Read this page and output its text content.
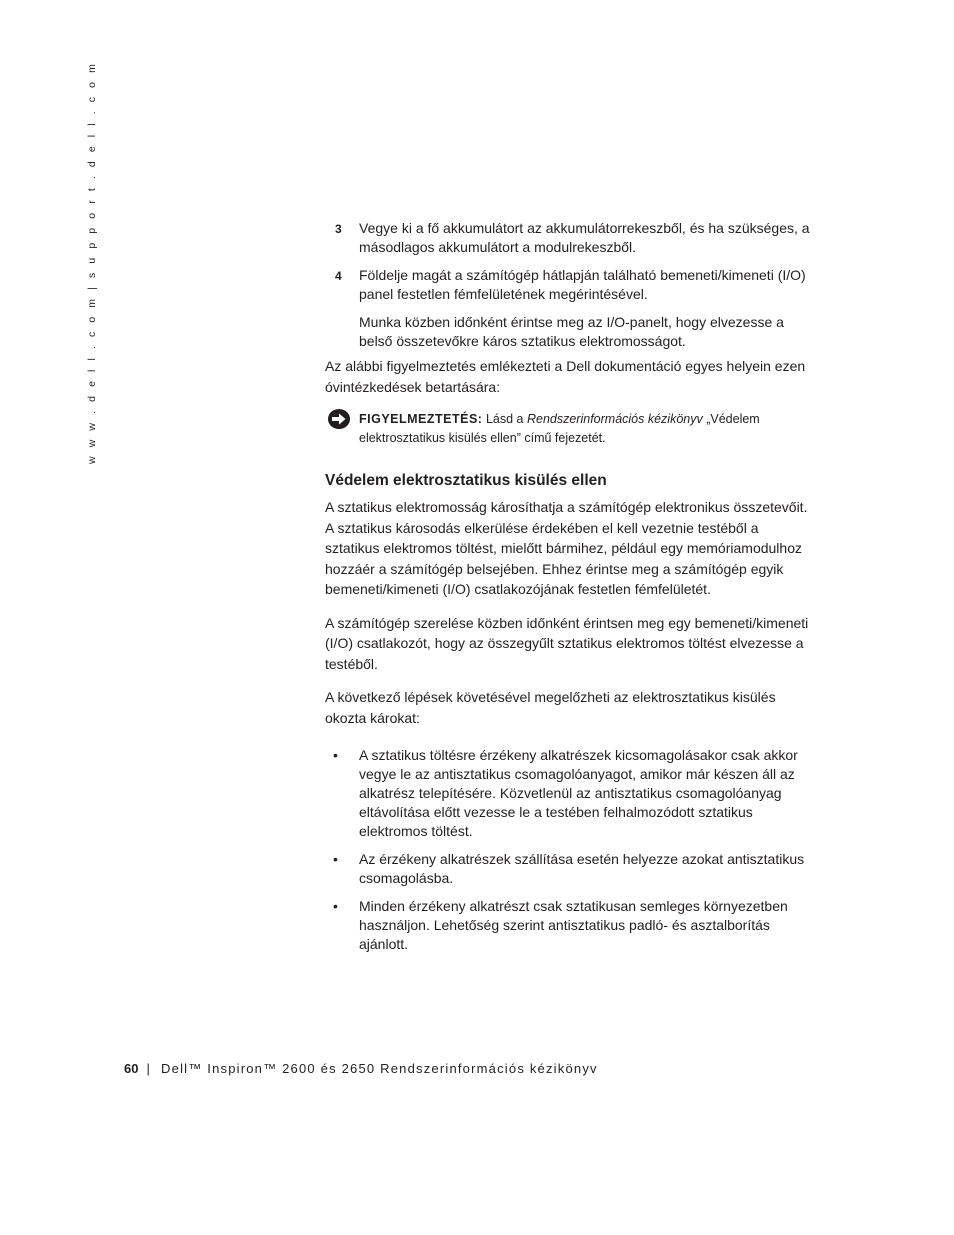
w w w . d e l l . c o m | s u p p o r t . d e l l . c o m	3 Vegye ki a fő akkumulátort az akkumulátorrekeszből, és ha szükséges, a másodlagos akkumulátort a modulrekeszből.
4 Földelje magát a számítógép hátlapján található bemeneti/kimeneti (I/O) panel festetlen fémfelületének megérintésével.
Munka közben időnként érintse meg az I/O-panelt, hogy elvezesse a belső összetevőkre káros sztatikus elektromosságot.
Az alábbi figyelmeztetés emlékezteti a Dell dokumentáció egyes helyein ezen óvintézkedések betartására:
FIGYELMEZTETÉS: Lásd a Rendszerinformációs kézikönyv „Védelem elektrosztatikus kisülés ellen” című fejezetét.
Védelem elektrosztatikus kisülés ellen
A sztatikus elektromosság károsíthatja a számítógép elektronikus összetevőit. A sztatikus károsodás elkerülése érdekében el kell vezetnie testéből a sztatikus elektromos töltést, mielőtt bármihez, például egy memóriamodulhoz hozzáér a számítógép belsejében. Ehhez érintse meg a számítógép egyik bemeneti/kimeneti (I/O) csatlakozójának festetlen fémfelületét.
A számítógép szerelése közben időnként érintsen meg egy bemeneti/kimeneti (I/O) csatlakozót, hogy az összegyűlt sztatikus elektromos töltést elvezesse a testéből.
A következő lépések követésével megelőzheti az elektrosztatikus kisülés okozta károkat:
• A sztatikus töltésre érzékeny alkatrészek kicsomagolásakor csak akkor vegye le az antisztatikus csomagolóanyagot, amikor már készen áll az alkatrész telepítésére. Közvetlenül az antisztatikus csomagolóanyag eltávolítása előtt vezesse le a testében felhalmozódott sztatikus elektromos töltést.
• Az érzékeny alkatrészek szállítása esetén helyezze azokat antisztatikus csomagolásba.
• Minden érzékeny alkatrészt csak sztatikusan semleges környezetben használjon. Lehetőség szerint antisztatikus padló- és asztalborítás ajánlott.
60 | Dell™ Inspiron™ 2600 és 2650 Rendszerinformációs kézikönyv
